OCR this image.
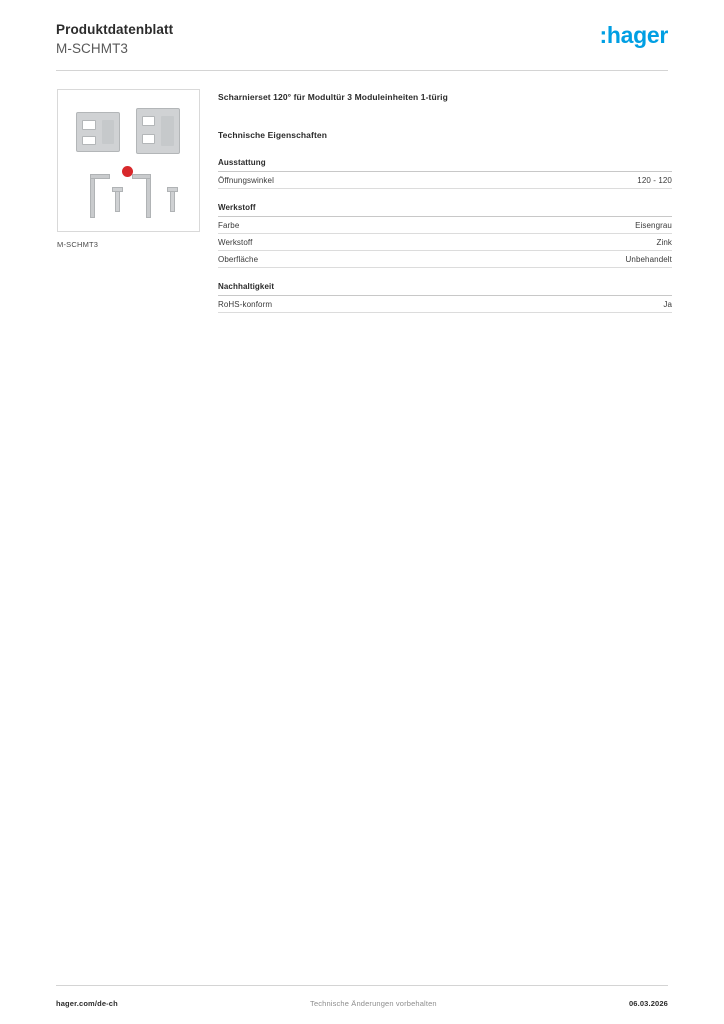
Produktdatenblatt
M-SCHMT3
:hager
M-SCHMT3
Scharnierset 120° für Modultür 3 Moduleinheiten 1-türig
Technische Eigenschaften
Ausstattung
Öffnungswinkel	120 - 120
Werkstoff
Farbe	Eisengrau
Werkstoff	Zink
Oberfläche	Unbehandelt
Nachhaltigkeit
RoHS-konform	Ja
hager.com/de-ch	Technische Änderungen vorbehalten	06.03.2026
